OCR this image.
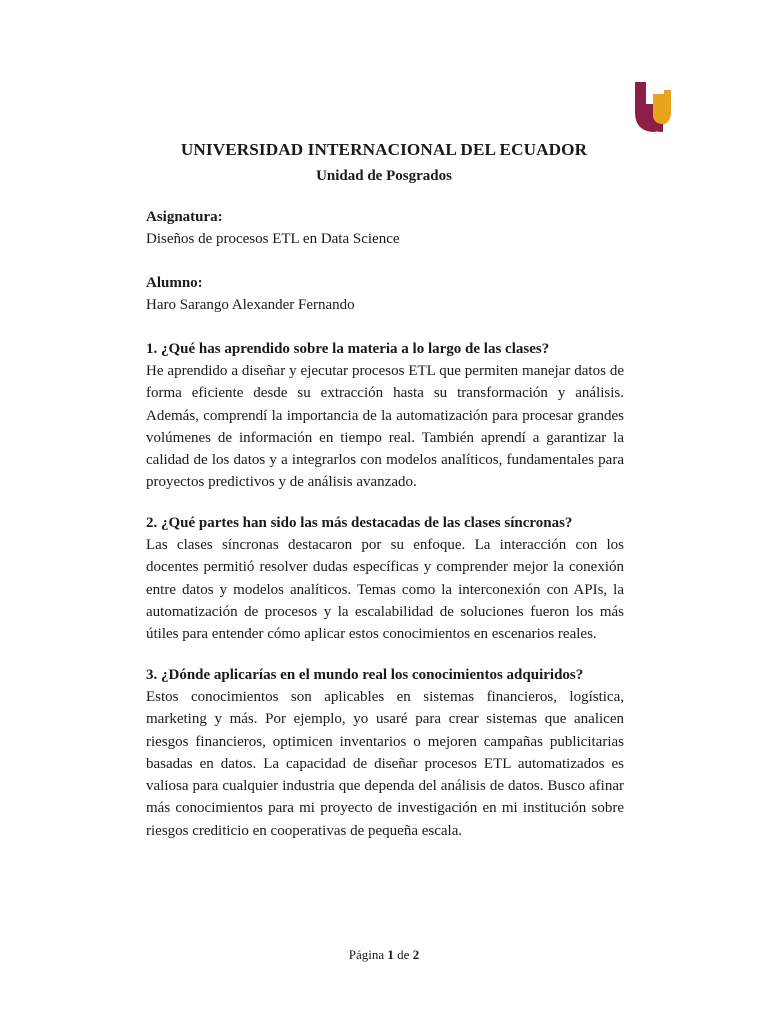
UNIVERSIDAD INTERNACIONAL DEL ECUADOR
Unidad de Posgrados
Asignatura:
Diseños de procesos ETL en Data Science
Alumno:
Haro Sarango Alexander Fernando
1. ¿Qué has aprendido sobre la materia a lo largo de las clases?
He aprendido a diseñar y ejecutar procesos ETL que permiten manejar datos de forma eficiente desde su extracción hasta su transformación y análisis. Además, comprendí la importancia de la automatización para procesar grandes volúmenes de información en tiempo real. También aprendí a garantizar la calidad de los datos y a integrarlos con modelos analíticos, fundamentales para proyectos predictivos y de análisis avanzado.
2. ¿Qué partes han sido las más destacadas de las clases síncronas?
Las clases síncronas destacaron por su enfoque. La interacción con los docentes permitió resolver dudas específicas y comprender mejor la conexión entre datos y modelos analíticos. Temas como la interconexión con APIs, la automatización de procesos y la escalabilidad de soluciones fueron los más útiles para entender cómo aplicar estos conocimientos en escenarios reales.
3. ¿Dónde aplicarías en el mundo real los conocimientos adquiridos?
Estos conocimientos son aplicables en sistemas financieros, logística, marketing y más. Por ejemplo, yo usaré para crear sistemas que analicen riesgos financieros, optimicen inventarios o mejoren campañas publicitarias basadas en datos. La capacidad de diseñar procesos ETL automatizados es valiosa para cualquier industria que dependa del análisis de datos. Busco afinar más conocimientos para mi proyecto de investigación en mi institución sobre riesgos crediticio en cooperativas de pequeña escala.
Página 1 de 2
